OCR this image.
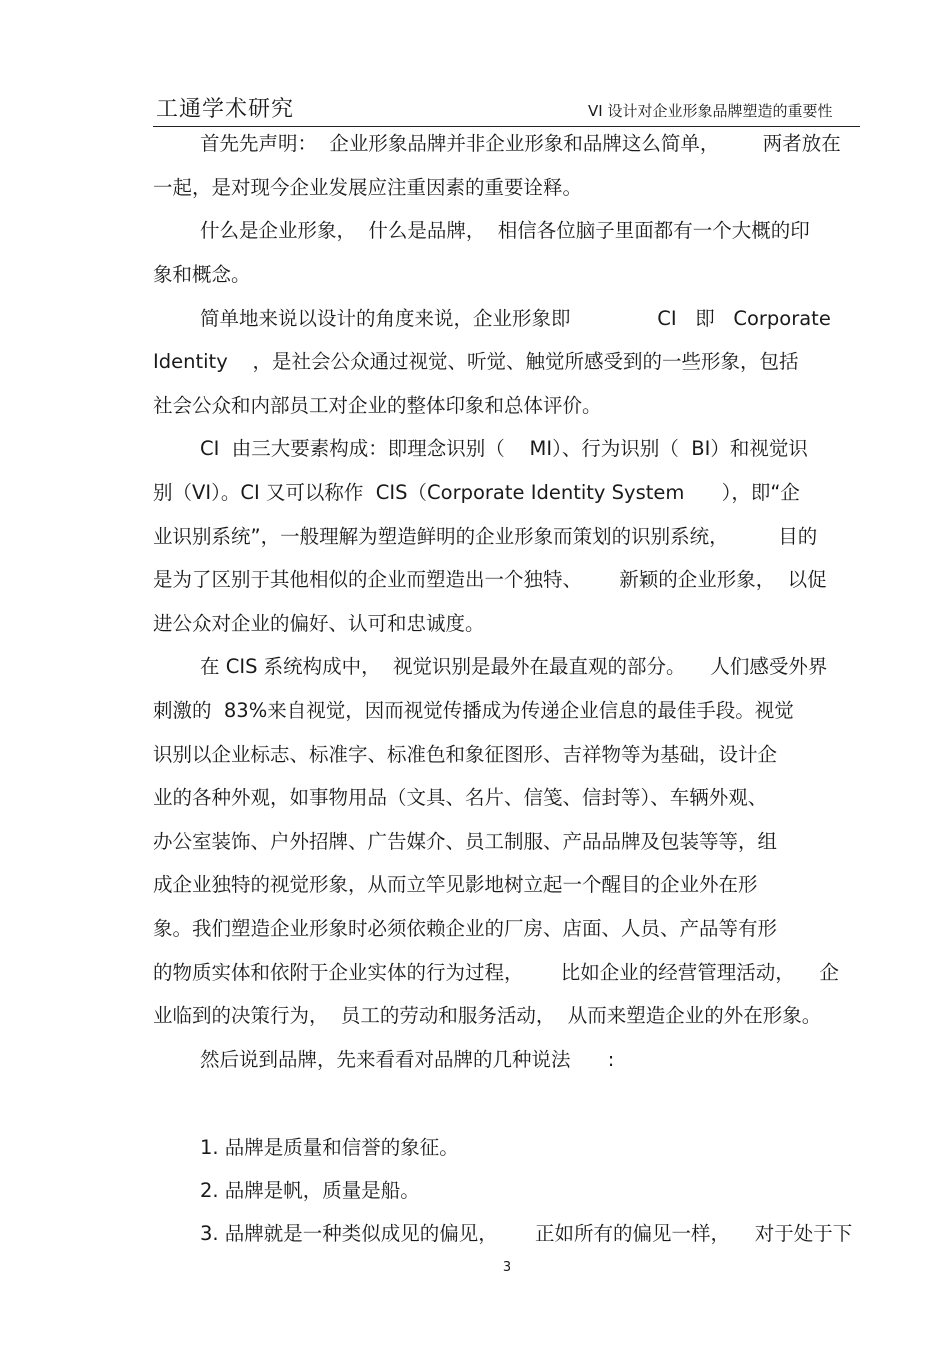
工通学术研究	VI 设计对企业形象品牌塑造的重要性
首先先声明：  企业形象品牌并非企业形象和品牌这么简单，       两者放在
一起，是对现今企业发展应注重因素的重要诠释。
什么是企业形象，  什么是品牌，  相信各位脑子里面都有一个大概的印
象和概念。
简单地来说以设计的角度来说，企业形象即              CI   即   Corporate
Identity    ，是社会公众通过视觉、听觉、触觉所感受到的一些形象，包括
社会公众和内部员工对企业的整体印象和总体评价。
CI  由三大要素构成：即理念识别（    MI）、行为识别（  BI）和视觉识
别（VI）。CI 又可以称作  CIS（Corporate Identity System      ），即“企
业识别系统”，一般理解为塑造鲜明的企业形象而策划的识别系统，        目的
是为了区别于其他相似的企业而塑造出一个独特、      新颖的企业形象，  以促
进公众对企业的偏好、认可和忠诚度。
在 CIS 系统构成中，  视觉识别是最外在最直观的部分。    人们感受外界
刺激的  83%来自视觉，因而视觉传播成为传递企业信息的最佳手段。视觉
识别以企业标志、标准字、标准色和象征图形、吉祥物等为基础，设计企
业的各种外观，如事物用品（文具、名片、信笺、信封等）、车辆外观、
办公室装饰、户外招牌、广告媒介、员工制服、产品品牌及包装等等，组
成企业独特的视觉形象，从而立竿见影地树立起一个醒目的企业外在形
象。我们塑造企业形象时必须依赖企业的厂房、店面、人员、产品等有形
的物质实体和依附于企业实体的行为过程，      比如企业的经营管理活动，    企
业临到的决策行为，  员工的劳动和服务活动，  从而来塑造企业的外在形象。
然后说到品牌，先来看看对品牌的几种说法      :
1. 品牌是质量和信誉的象征。
2. 品牌是帆，质量是船。
3. 品牌就是一种类似成见的偏见，      正如所有的偏见一样，    对于处于下
3
